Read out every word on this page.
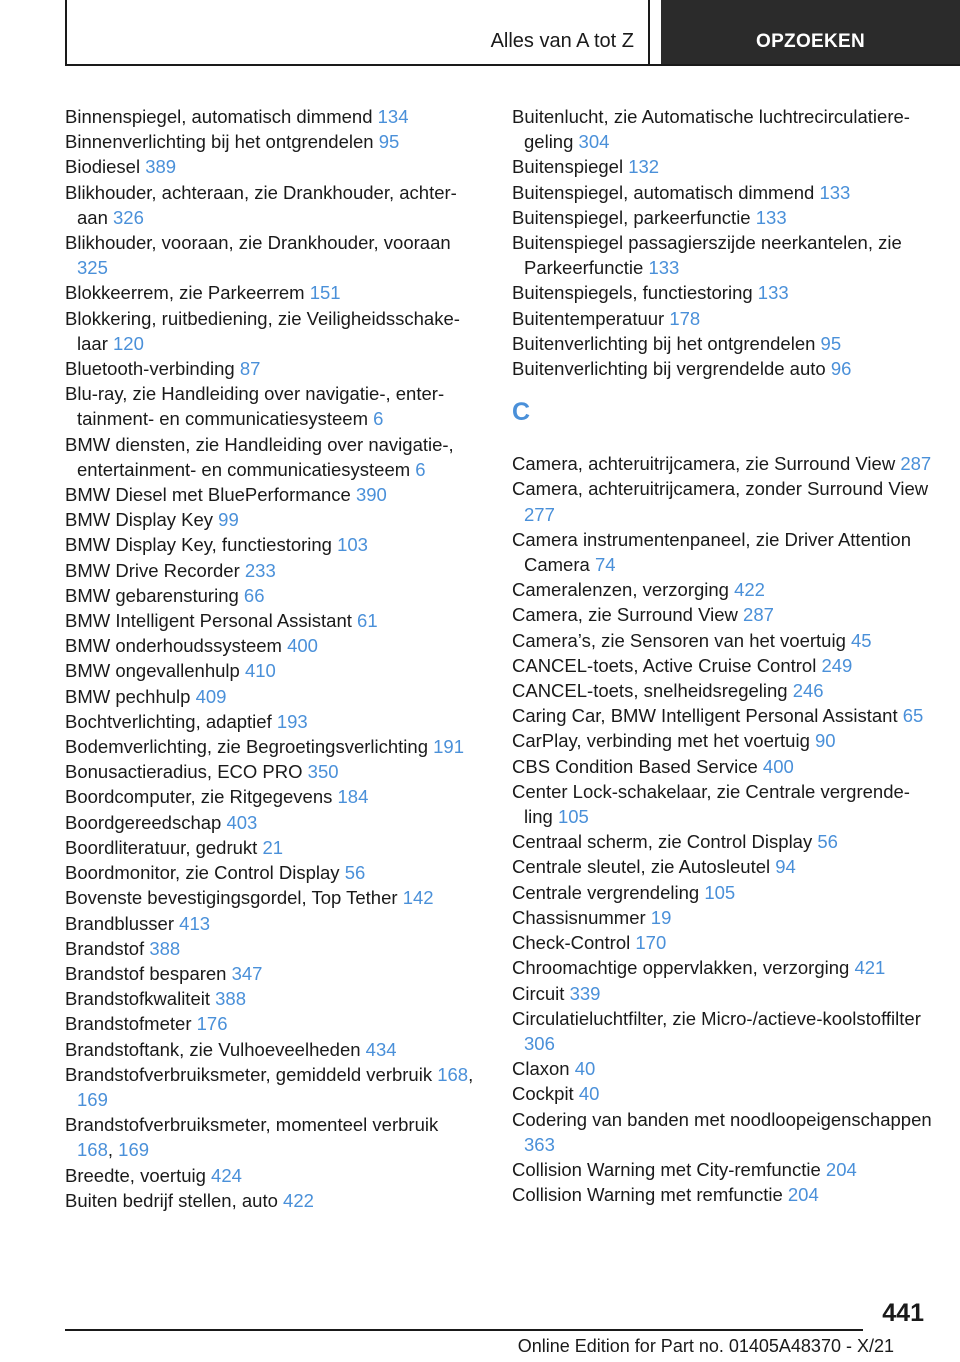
Alles van A tot Z	OPZOEKEN
Binnenspiegel, automatisch dimmend 134
Binnenverlichting bij het ontgrendelen 95
Biodiesel 389
Blikhouder, achteraan, zie Drankhouder, achteraan 326
Blikhouder, vooraan, zie Drankhouder, vooraan 325
Blokkeerrem, zie Parkeerrem 151
Blokkering, ruitbediening, zie Veiligheidsschakelaar 120
Bluetooth-verbinding 87
Blu-ray, zie Handleiding over navigatie-, entertainment- en communicatiesysteem 6
BMW diensten, zie Handleiding over navigatie-, entertainment- en communicatiesysteem 6
BMW Diesel met BluePerformance 390
BMW Display Key 99
BMW Display Key, functiestoring 103
BMW Drive Recorder 233
BMW gebarensturing 66
BMW Intelligent Personal Assistant 61
BMW onderhoudssysteem 400
BMW ongevallenhulp 410
BMW pechhulp 409
Bochtverlichting, adaptief 193
Bodemverlichting, zie Begroetingsverlichting 191
Bonusactieradius, ECO PRO 350
Boordcomputer, zie Ritgegevens 184
Boordgereedschap 403
Boordliteratuur, gedrukt 21
Boordmonitor, zie Control Display 56
Bovenste bevestigingsgordel, Top Tether 142
Brandblusser 413
Brandstof 388
Brandstof besparen 347
Brandstofkwaliteit 388
Brandstofmeter 176
Brandstoftank, zie Vulhoeveelheden 434
Brandstofverbruiksmeter, gemiddeld verbruik 168, 169
Brandstofverbruiksmeter, momenteel verbruik 168, 169
Breedte, voertuig 424
Buiten bedrijf stellen, auto 422
Buitenlucht, zie Automatische luchtrecirculatieregeling 304
Buitenspiegel 132
Buitenspiegel, automatisch dimmend 133
Buitenspiegel, parkeerfunctie 133
Buitenspiegel passagierszijde neerkantelen, zie Parkeerfunctie 133
Buitenspiegels, functiestoring 133
Buitentemperatuur 178
Buitenverlichting bij het ontgrendelen 95
Buitenverlichting bij vergrendelde auto 96
C
Camera, achteruitrijcamera, zie Surround View 287
Camera, achteruitrijcamera, zonder Surround View 277
Camera instrumentenpaneel, zie Driver Attention Camera 74
Cameralenzen, verzorging 422
Camera, zie Surround View 287
Camera’s, zie Sensoren van het voertuig 45
CANCEL-toets, Active Cruise Control 249
CANCEL-toets, snelheidsregeling 246
Caring Car, BMW Intelligent Personal Assistant 65
CarPlay, verbinding met het voertuig 90
CBS Condition Based Service 400
Center Lock-schakelaar, zie Centrale vergrendeling 105
Centraal scherm, zie Control Display 56
Centrale sleutel, zie Autosleutel 94
Centrale vergrendeling 105
Chassisnummer 19
Check-Control 170
Chroomachtige oppervlakken, verzorging 421
Circuit 339
Circulatieluchtfilter, zie Micro-/actieve-koolstoffilter 306
Claxon 40
Cockpit 40
Codering van banden met noodloopeigenschappen 363
Collision Warning met City-remfunctie 204
Collision Warning met remfunctie 204
441
Online Edition for Part no. 01405A48370 - X/21
